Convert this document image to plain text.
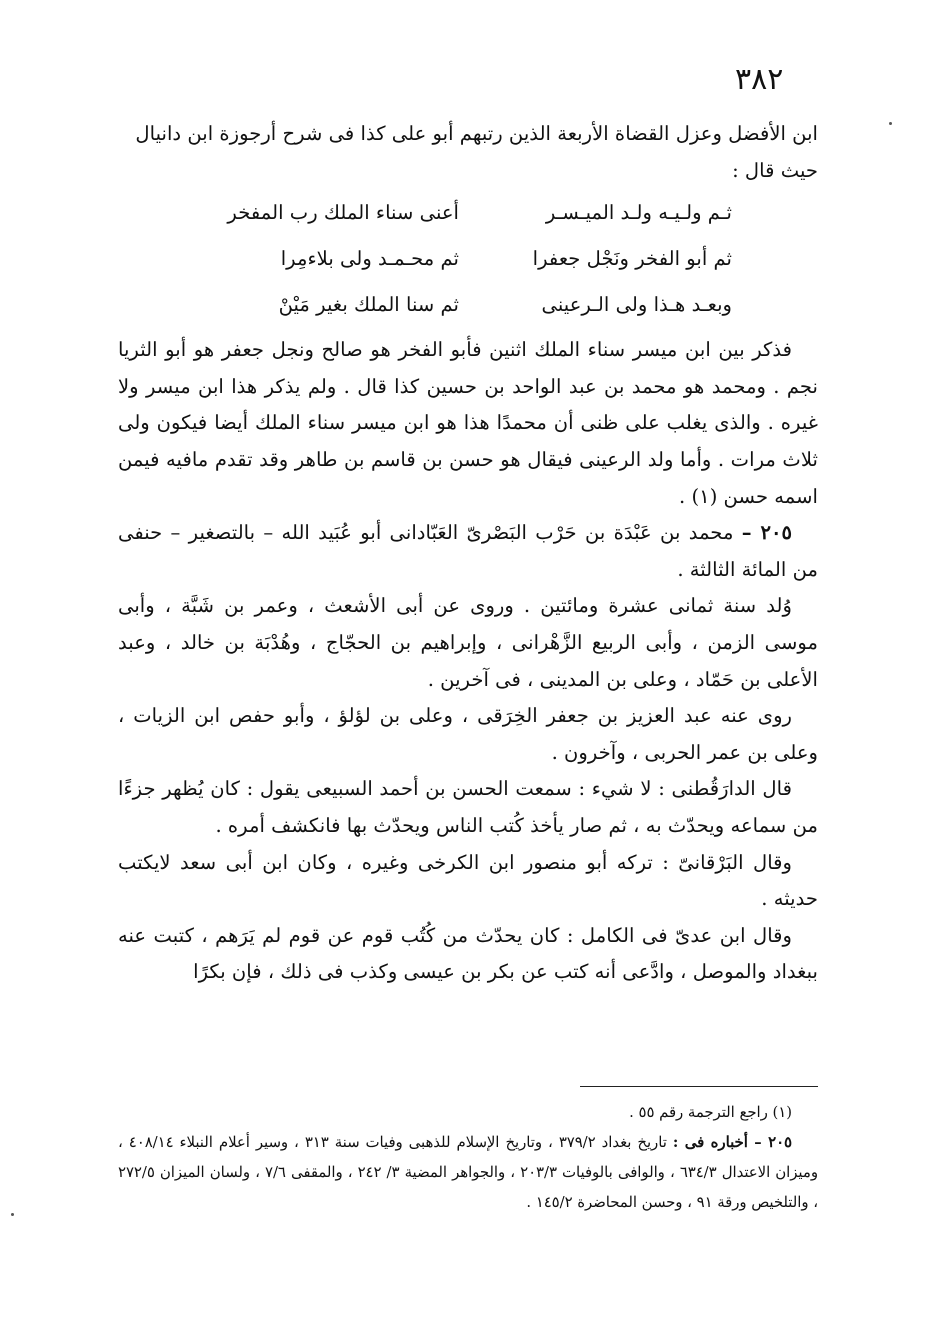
٣٨٢

ابن الأفضل وعزل القضاة الأربعة الذين رتبهم أبو على كذا فى شرح أرجوزة ابن دانيال

حيث قال :

ثـم ولـيـه ولـد الميـسـر
أعنى سناء الملك رب المفخر
ثم أبو الفخر ونَجْل جعفرا
ثم محـمـد ولى بلاءمِرا
وبعـد هـذا ولى الـرعينى
ثم سنا الملك بغير مَيْنْ

فذكر بين ابن ميسر سناء الملك اثنين فأبو الفخر هو صالح ونجل جعفر هو أبو الثريا نجم . ومحمد هو محمد بن عبد الواحد بن حسين كذا قال . ولم يذكر هذا ابن ميسر ولا غيره . والذى يغلب على ظنى أن محمدًا هذا هو ابن ميسر سناء الملك أيضا فيكون ولى ثلاث مرات . وأما ولد الرعينى فيقال هو حسن بن قاسم بن طاهر وقد تقدم مافيه فيمن اسمه حسن (١) .

٢٠٥ – محمد بن عَبْدَة بن حَرْب البَصْرىّ العَبّادانى أبو عُبَيد الله – بالتصغير – حنفى من المائة الثالثة .

وُلد سنة ثمانى عشرة ومائتين . وروى عن أبى الأشعث ، وعمر بن شَبَّة ، وأبى موسى الزمن ، وأبى الربيع الزَّهْرانى ، وإبراهيم بن الحجّاج ، وهُدْبَة بن خالد ، وعبد الأعلى بن حَمّاد ، وعلى بن المدينى ، فى آخرين .

روى عنه عبد العزيز بن جعفر الخِرَقى ، وعلى بن لؤلؤ ، وأبو حفص ابن الزيات ، وعلى بن عمر الحربى ، وآخرون .

قال الدارَقُطنى : لا شيء : سمعت الحسن بن أحمد السبيعى يقول : كان يُظهر جزءًا من سماعه ويحدّث به ، ثم صار يأخذ كُتب الناس ويحدّث بها فانكشف أمره .

وقال البَرْقانىّ : تركه أبو منصور ابن الكرخى وغيره ، وكان ابن أبى سعد لايكتب حديثه .

وقال ابن عدىّ فى الكامل : كان يحدّث من كُتُب قوم عن قوم لم يَرَهم ، كتبت عنه ببغداد والموصل ، وادَّعى أنه كتب عن بكر بن عيسى وكذب فى ذلك ، فإن بكرًا

(١) راجع الترجمة رقم ٥٥ .

٢٠٥ – أخباره فى : تاريخ بغداد ٣٧٩/٢ ، وتاريخ الإسلام للذهبى وفيات سنة ٣١٣ ، وسير أعلام النبلاء ٤٠٨/١٤ ، وميزان الاعتدال ٦٣٤/٣ ، والوافى بالوفيات ٢٠٣/٣ ، والجواهر المضية ٣/ ٢٤٢ ، والمقفى ٧/٦ ، ولسان الميزان ٢٧٢/٥ ، والتلخيص ورقة ٩١ ، وحسن المحاضرة ١٤٥/٢ .
